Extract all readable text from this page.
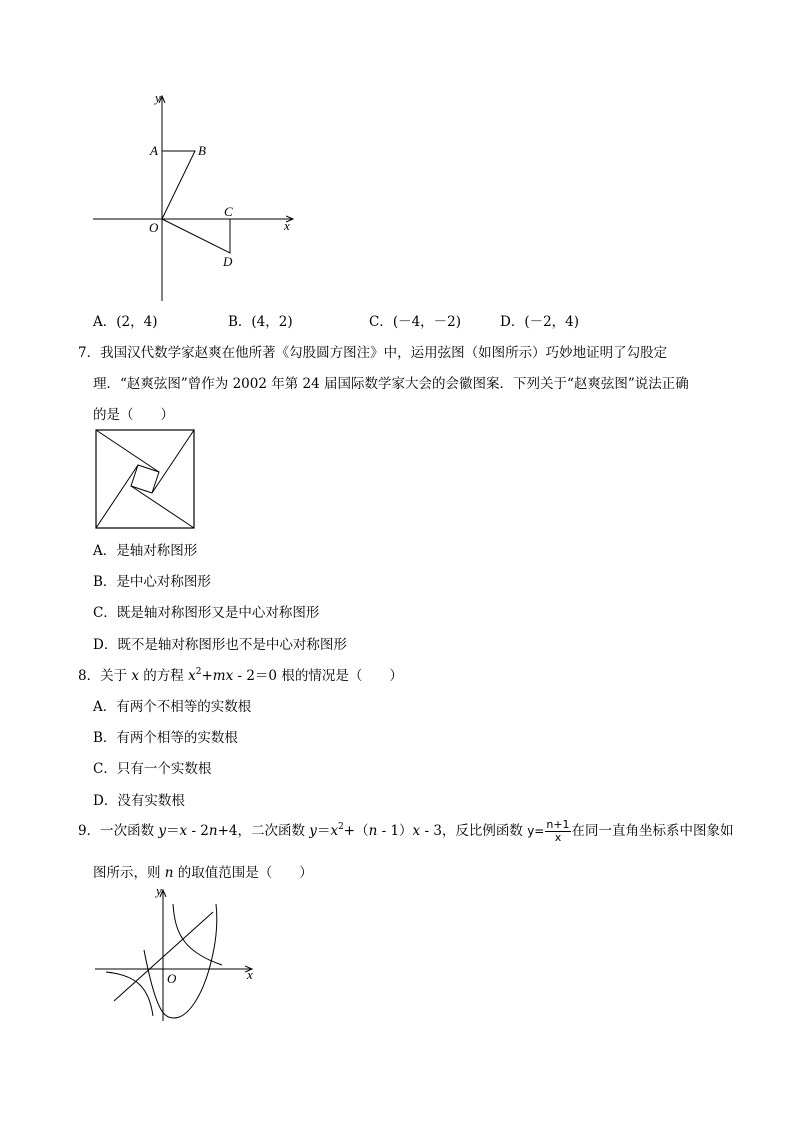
y
x
A	B
O
C
D
A．(2，4)	B．(4，2)	C．(－4，－2)	D．(－2，4)
7．我国汉代数学家赵爽在他所著《勾股圆方图注》中，运用弦图（如图所示）巧妙地证明了勾股定
理．“赵爽弦图”曾作为 2002 年第 24 届国际数学家大会的会徽图案．下列关于“赵爽弦图”说法正确
的是（　　）
A．是轴对称图形
B．是中心对称图形
C．既是轴对称图形又是中心对称图形
D．既不是轴对称图形也不是中心对称图形
8．关于 x 的方程 $x^2+mx - 2=0$ 根的情况是（　　）
A．有两个不相等的实数根
B．有两个相等的实数根
C．只有一个实数根
D．没有实数根
9．一次函数 y＝x - 2n+4，二次函数 $y=x^2+(n - 1)x - 3$，反比例函数 $y= \frac{n+1}{x}$ 在同一直角坐标系中图象如
图所示，则 n 的取值范围是（　　）
y
x
O
